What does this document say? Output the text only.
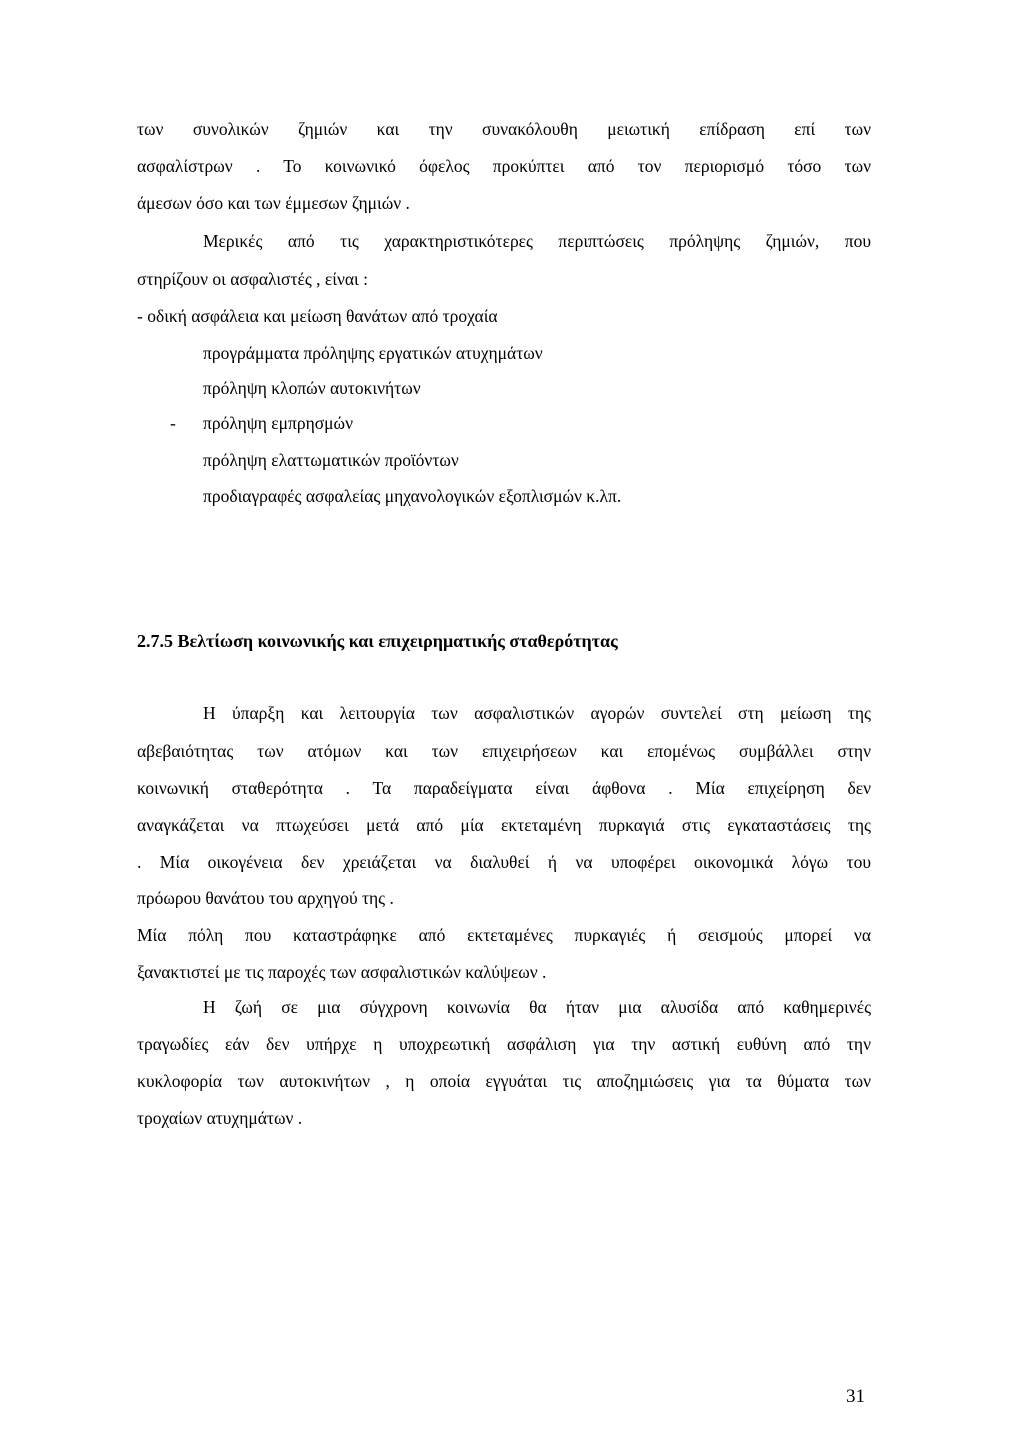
των συνολικών ζημιών και την συνακόλουθη μειωτική επίδραση επί των
ασφαλίστρων . Το κοινωνικό όφελος προκύπτει από τον περιορισμό τόσο των
άμεσων όσο και των έμμεσων ζημιών .
Μερικές από τις χαρακτηριστικότερες περιπτώσεις πρόληψης ζημιών, που
στηρίζουν οι ασφαλιστές , είναι :
- οδική ασφάλεια και μείωση θανάτων από τροχαία
προγράμματα πρόληψης εργατικών ατυχημάτων
πρόληψη κλοπών αυτοκινήτων
-	πρόληψη εμπρησμών
πρόληψη ελαττωματικών προϊόντων
προδιαγραφές ασφαλείας μηχανολογικών εξοπλισμών κ.λπ.
2.7.5 Βελτίωση κοινωνικής και επιχειρηματικής σταθερότητας
Η ύπαρξη και λειτουργία των ασφαλιστικών αγορών συντελεί στη μείωση της
αβεβαιότητας των ατόμων και των επιχειρήσεων και επομένως συμβάλλει στην
κοινωνική σταθερότητα . Τα παραδείγματα είναι άφθονα . Μία επιχείρηση δεν
αναγκάζεται να πτωχεύσει μετά από μία εκτεταμένη πυρκαγιά στις εγκαταστάσεις της
. Μία οικογένεια δεν χρειάζεται να διαλυθεί ή να υποφέρει οικονομικά λόγω του
πρόωρου θανάτου του αρχηγού της .
Μία πόλη που καταστράφηκε από εκτεταμένες πυρκαγιές ή σεισμούς μπορεί να
ξανακτιστεί με τις παροχές των ασφαλιστικών καλύψεων .
Η ζωή σε μια σύγχρονη κοινωνία θα ήταν μια αλυσίδα από καθημερινές
τραγωδίες εάν δεν υπήρχε η υποχρεωτική ασφάλιση για την αστική ευθύνη από την
κυκλοφορία των αυτοκινήτων , η οποία εγγυάται τις αποζημιώσεις για τα θύματα των
τροχαίων ατυχημάτων .
31
